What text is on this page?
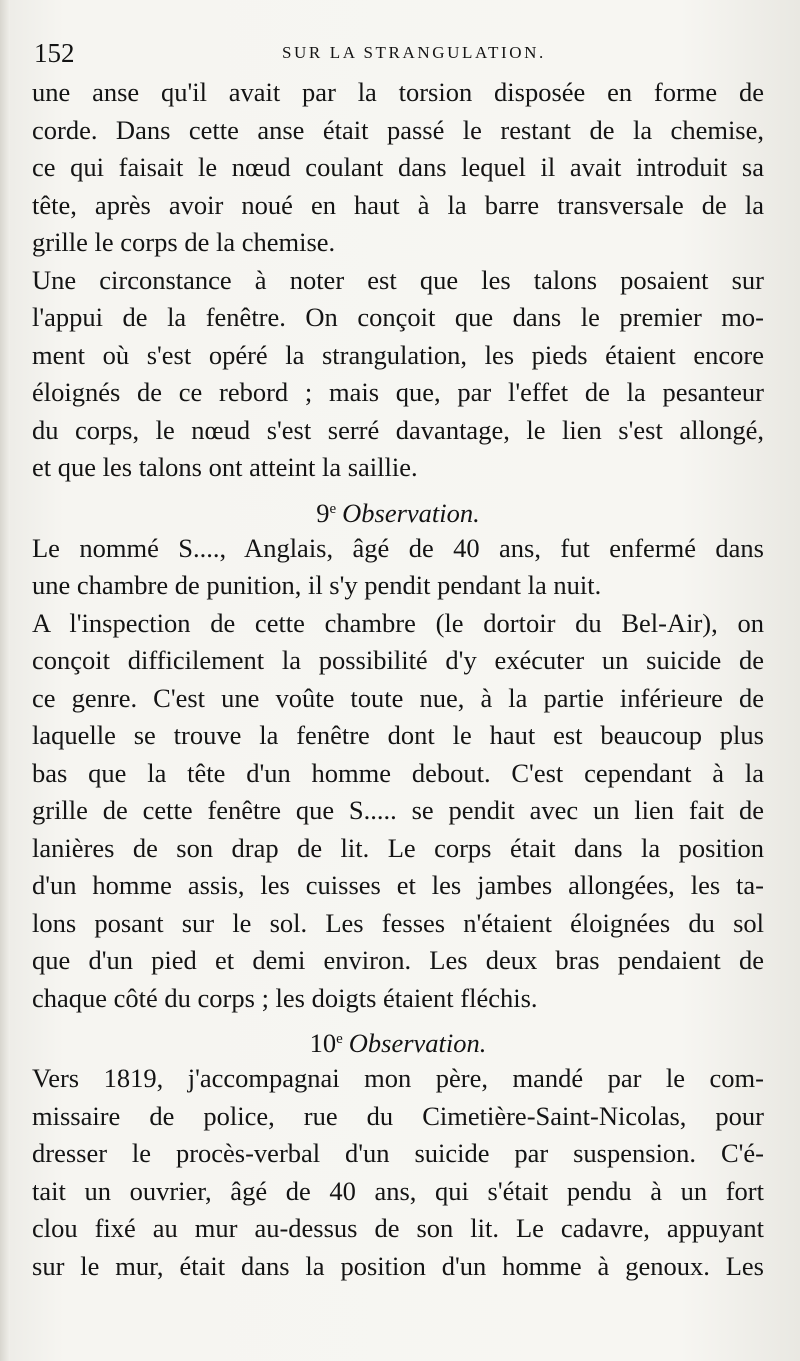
152	SUR LA STRANGULATION.
une anse qu'il avait par la torsion disposée en forme de
corde. Dans cette anse était passé le restant de la chemise,
ce qui faisait le nœud coulant dans lequel il avait introduit sa
tête, après avoir noué en haut à la barre transversale de la
grille le corps de la chemise.
Une circonstance à noter est que les talons posaient sur
l'appui de la fenêtre. On conçoit que dans le premier mo-
ment où s'est opéré la strangulation, les pieds étaient encore
éloignés de ce rebord ; mais que, par l'effet de la pesanteur
du corps, le nœud s'est serré davantage, le lien s'est allongé,
et que les talons ont atteint la saillie.
9e Observation.
Le nommé S...., Anglais, âgé de 40 ans, fut enfermé dans
une chambre de punition, il s'y pendit pendant la nuit.
A l'inspection de cette chambre (le dortoir du Bel-Air), on
conçoit difficilement la possibilité d'y exécuter un suicide de
ce genre. C'est une voûte toute nue, à la partie inférieure de
laquelle se trouve la fenêtre dont le haut est beaucoup plus
bas que la tête d'un homme debout. C'est cependant à la
grille de cette fenêtre que S..... se pendit avec un lien fait de
lanières de son drap de lit. Le corps était dans la position
d'un homme assis, les cuisses et les jambes allongées, les ta-
lons posant sur le sol. Les fesses n'étaient éloignées du sol
que d'un pied et demi environ. Les deux bras pendaient de
chaque côté du corps ; les doigts étaient fléchis.
10e Observation.
Vers 1819, j'accompagnai mon père, mandé par le com-
missaire de police, rue du Cimetière-Saint-Nicolas, pour
dresser le procès-verbal d'un suicide par suspension. C'é-
tait un ouvrier, âgé de 40 ans, qui s'était pendu à un fort
clou fixé au mur au-dessus de son lit. Le cadavre, appuyant
sur le mur, était dans la position d'un homme à genoux. Les
